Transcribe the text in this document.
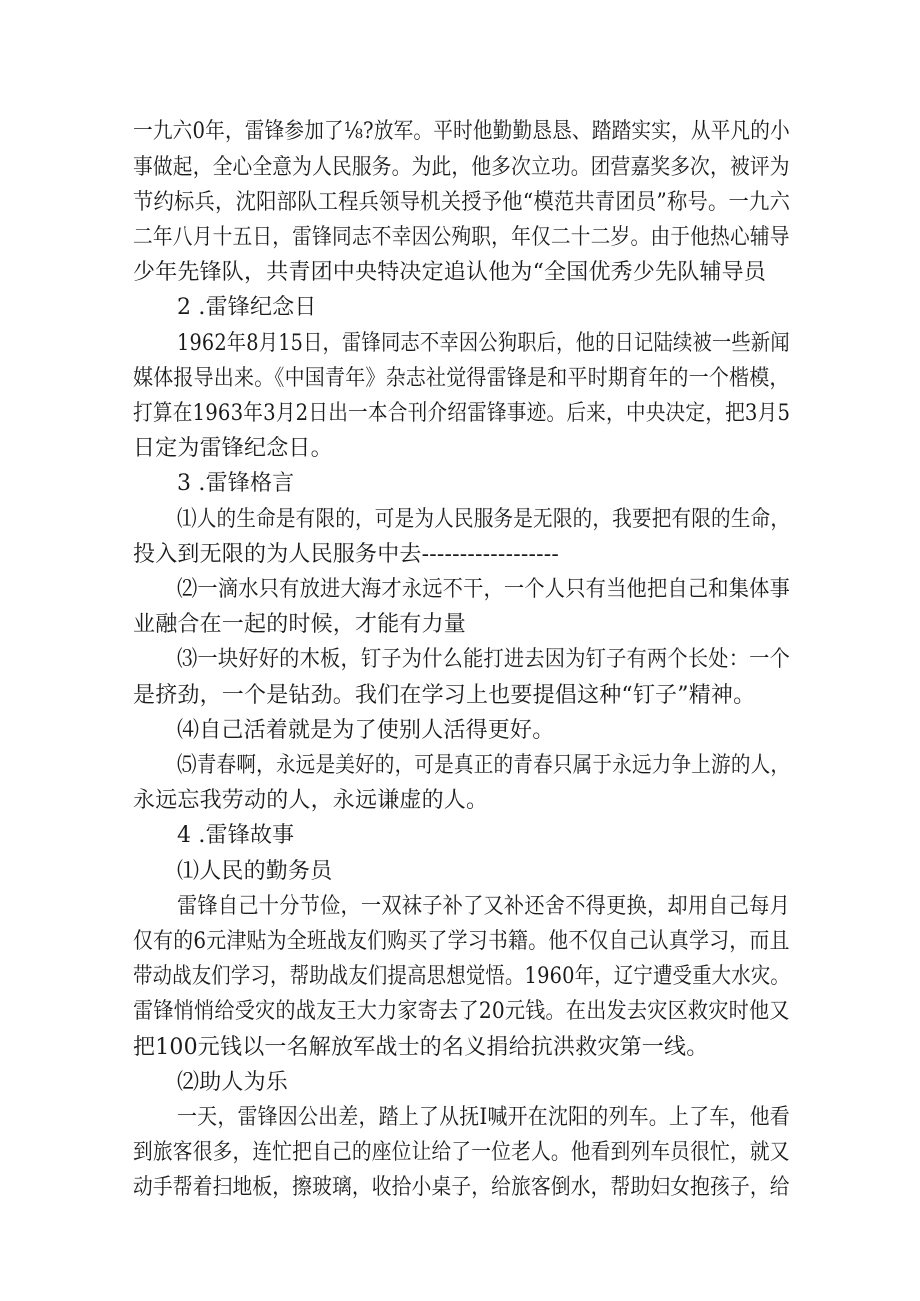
一九六0年，雷锋参加了⅛?放军。平时他勤勤恳恳、踏踏实实，从平凡的小
事做起，全心全意为人民服务。为此，他多次立功。团营嘉奖多次，被评为
节约标兵，沈阳部队工程兵领导机关授予他“模范共青团员”称号。一九六
二年八月十五日，雷锋同志不幸因公殉职，年仅二十二岁。由于他热心辅导
少年先锋队，共青团中央特决定追认他为“全国优秀少先队辅导员
2 .雷锋纪念日
1962年8月15日，雷锋同志不幸因公狗职后，他的日记陆续被一些新闻
媒体报导出来。《中国青年》杂志社觉得雷锋是和平时期育年的一个楷模，
打算在1963年3月2日出一本合刊介绍雷锋事迹。后来，中央决定，把3月5
日定为雷锋纪念日。
3 .雷锋格言
⑴人的生命是有限的，可是为人民服务是无限的，我要把有限的生命，
投入到无限的为人民服务中去------------------
⑵一滴水只有放进大海才永远不干，一个人只有当他把自己和集体事
业融合在一起的时候，才能有力量
⑶一块好好的木板，钉子为什么能打进去因为钉子有两个长处：一个
是挤劲，一个是钻劲。我们在学习上也要提倡这种“钉子”精神。
⑷自己活着就是为了使别人活得更好。
⑸青春啊，永远是美好的，可是真正的青春只属于永远力争上游的人，
永远忘我劳动的人，永远谦虚的人。
4 .雷锋故事
⑴人民的勤务员
雷锋自己十分节俭，一双袜子补了又补还舍不得更换，却用自己每月
仅有的6元津贴为全班战友们购买了学习书籍。他不仅自己认真学习，而且
带动战友们学习，帮助战友们提高思想觉悟。1960年，辽宁遭受重大水灾。
雷锋悄悄给受灾的战友王大力家寄去了20元钱。在出发去灾区救灾时他又
把100元钱以一名解放军战士的名义捐给抗洪救灾第一线。
⑵助人为乐
一天，雷锋因公出差，踏上了从抚I喊开在沈阳的列车。上了车，他看
到旅客很多，连忙把自己的座位让给了一位老人。他看到列车员很忙，就又
动手帮着扫地板，擦玻璃，收拾小桌子，给旅客倒水，帮助妇女抱孩子，给
